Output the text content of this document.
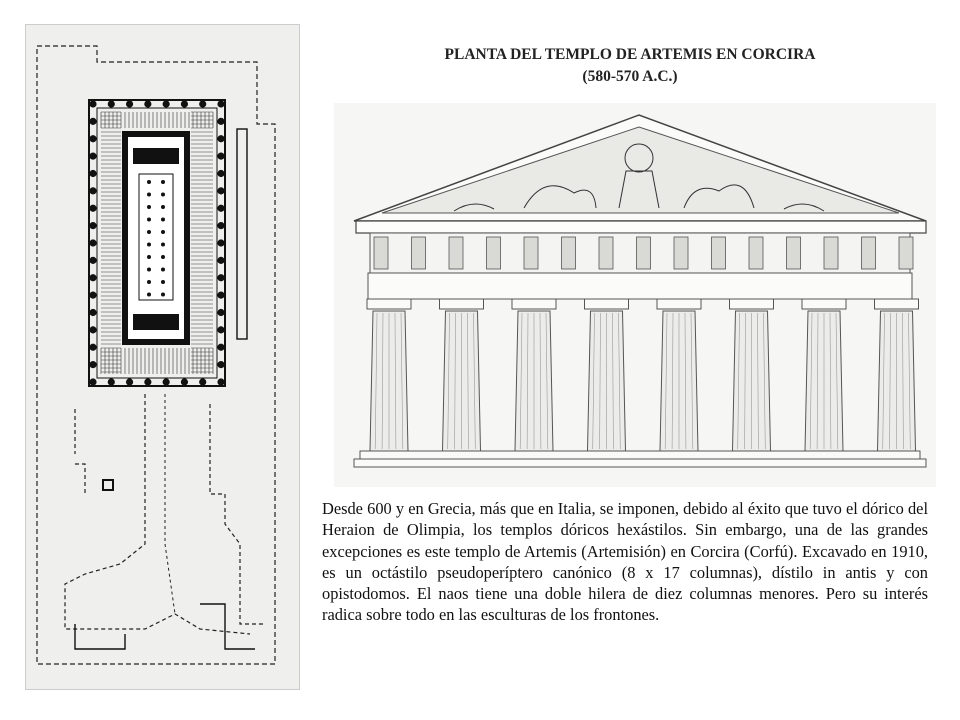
PLANTA DEL TEMPLO DE ARTEMIS EN CORCIRA
(580-570 A.C.)

Desde 600 y en Grecia, más que en Italia, se imponen, debido al éxito que tuvo el dórico del Heraion de Olimpia, los templos dóricos hexástilos. Sin embargo, una de las grandes excepciones es este templo de Artemis (Artemisión) en Corcira (Corfú). Excavado en 1910, es un octástilo pseudoperíptero canónico (8 x 17 columnas), dístilo in antis y con opistodomos. El naos tiene una doble hilera de diez columnas menores. Pero su interés radica sobre todo en las esculturas de los frontones.
